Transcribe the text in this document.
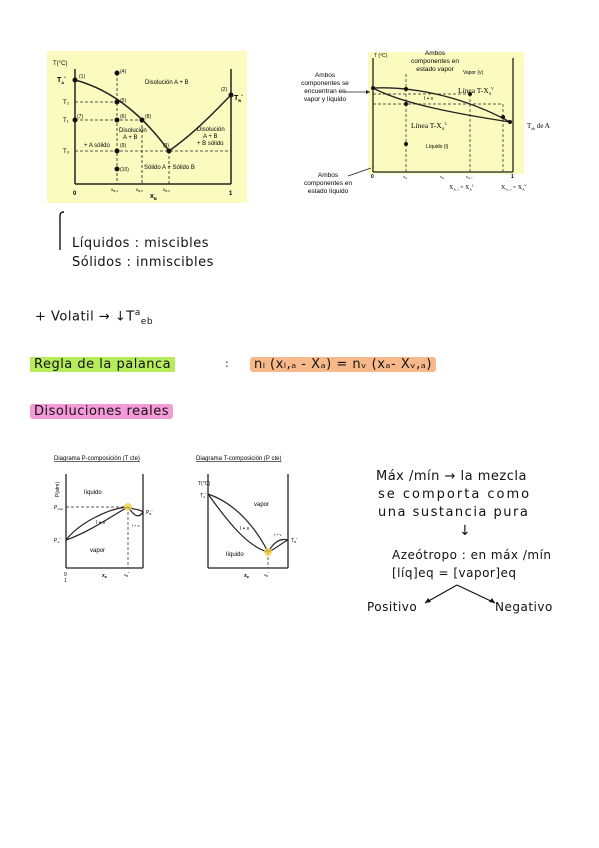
T(°C)
$T_A^*$
$T_B^*$
T₁
T₂
T₃
Disolución A + B
Disolución
A + B
+ A sólido
Disolución
A + B
+ B sólido
Sólido A + Sólido B
(1)
(2)
(3)
(4)
(5)
(6)
(7)	(8)
(9)
(10)
$x_{B,4}$	$x_{B,6}$	$x_{B,3}$
0	1
$x_B$
T (ºC)
Vapor (v)
l + v
Líquido (l)
Línea $T-X_A^V$
Línea $T-X_A^L$	$T_{eb}$ de A
0	1
$x_A$	$x_A$	$x_{A, l}$
$X_{A, l} = X_A^L$	$X_{A, v} = X_A^V$
Ambos
componentes en
estado vapor
Ambos
componentes se
encuentran en
vapor y líquido
Ambos
componentes en
estado líquido
Líquidos : miscibles
Sólidos : inmiscibles
+ Volatil → $↓T^a_{eb}$
Regla de la palanca	:	nₗ (xₗ,ₐ - Xₐ) = nᵥ (xₐ- Xᵥ,ₐ)
Disoluciones reales
Diagrama P-composición (T cte)
P(atm)	líquido
l + v	l + v
vapor
$P_{max}$
$P_A^*$
$P_B^*$
0
1
$x_B$	$x_B^*$
Diagrama T-composición (P cte)
T(°C)
$T_A^*$
$T_B^*$
vapor
l + v
l + v
líquido
$x_B$	$x_B^*$
Máx /mín → la mezcla
se comporta como
una sustancia pura
↓
Azeótropo : en máx /mín
[líq]eq = [vapor]eq
Positivo	Negativo
